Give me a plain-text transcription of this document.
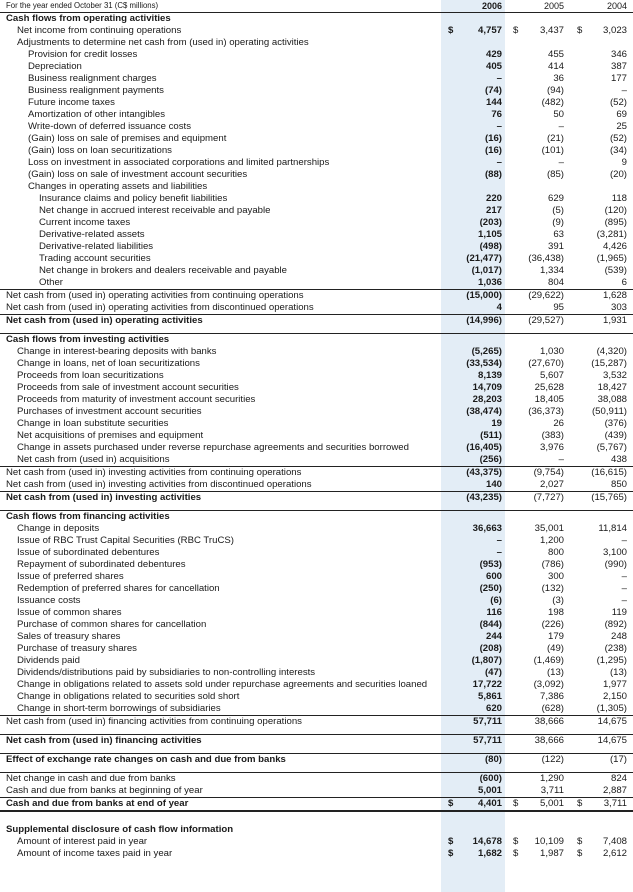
For the year ended October 31 (C$ millions)	2006	2005	2004
Cash flows from operating activities
Net income from continuing operations	$	4,757 $	3,437 $	3,023
Adjustments to determine net cash from (used in) operating activities
Provision for credit losses	429	455	346
Depreciation	405	414	387
Business realignment charges	–	36	177
Business realignment payments	(74)	(94)	–
Future income taxes	144	(482)	(52)
Amortization of other intangibles	76	50	69
Write-down of deferred issuance costs	–	–	25
(Gain) loss on sale of premises and equipment	(16)	(21)	(52)
(Gain) loss on loan securitizations	(16)	(101)	(34)
Loss on investment in associated corporations and limited partnerships	–	–	9
(Gain) loss on sale of investment account securities	(88)	(85)	(20)
Changes in operating assets and liabilities
Insurance claims and policy benefit liabilities	220	629	118
Net change in accrued interest receivable and payable	217	(5)	(120)
Current income taxes	(203)	(9)	(895)
Derivative-related assets	1,105	63	(3,281)
Derivative-related liabilities	(498)	391	4,426
Trading account securities	(21,477)	(36,438)	(1,965)
Net change in brokers and dealers receivable and payable	(1,017)	1,334	(539)
Other	1,036	804	6
Net cash from (used in) operating activities from continuing operations	(15,000)	(29,622)	1,628
Net cash from (used in) operating activities from discontinued operations	4	95	303
Net cash from (used in) operating activities	(14,996)	(29,527)	1,931
Cash flows from investing activities
Change in interest-bearing deposits with banks	(5,265)	1,030	(4,320)
Change in loans, net of loan securitizations	(33,534)	(27,670)	(15,287)
Proceeds from loan securitizations	8,139	5,607	3,532
Proceeds from sale of investment account securities	14,709	25,628	18,427
Proceeds from maturity of investment account securities	28,203	18,405	38,088
Purchases of investment account securities	(38,474)	(36,373)	(50,911)
Change in loan substitute securities	19	26	(376)
Net acquisitions of premises and equipment	(511)	(383)	(439)
Change in assets purchased under reverse repurchase agreements and securities borrowed	(16,405)	3,976	(5,767)
Net cash from (used in) acquisitions	(256)	–	438
Net cash from (used in) investing activities from continuing operations	(43,375)	(9,754)	(16,615)
Net cash from (used in) investing activities from discontinued operations	140	2,027	850
Net cash from (used in) investing activities	(43,235)	(7,727)	(15,765)
Cash flows from financing activities
Change in deposits	36,663	35,001	11,814
Issue of RBC Trust Capital Securities (RBC TruCS)	–	1,200	–
Issue of subordinated debentures	–	800	3,100
Repayment of subordinated debentures	(953)	(786)	(990)
Issue of preferred shares	600	300	–
Redemption of preferred shares for cancellation	(250)	(132)	–
Issuance costs	(6)	(3)	–
Issue of common shares	116	198	119
Purchase of common shares for cancellation	(844)	(226)	(892)
Sales of treasury shares	244	179	248
Purchase of treasury shares	(208)	(49)	(238)
Dividends paid	(1,807)	(1,469)	(1,295)
Dividends/distributions paid by subsidiaries to non-controlling interests	(47)	(13)	(13)
Change in obligations related to assets sold under repurchase agreements and securities loaned	17,722	(3,092)	1,977
Change in obligations related to securities sold short	5,861	7,386	2,150
Change in short-term borrowings of subsidiaries	620	(628)	(1,305)
Net cash from (used in) financing activities from continuing operations	57,711	38,666	14,675
Net cash from (used in) financing activities	57,711	38,666	14,675
Effect of exchange rate changes on cash and due from banks	(80)	(122)	(17)
Net change in cash and due from banks	(600)	1,290	824
Cash and due from banks at beginning of year	5,001	3,711	2,887
Cash and due from banks at end of year	$	4,401 $	5,001 $	3,711
Supplemental disclosure of cash flow information
Amount of interest paid in year	$	14,678 $	10,109 $	7,408
Amount of income taxes paid in year	$	1,682 $	1,987 $	2,612
